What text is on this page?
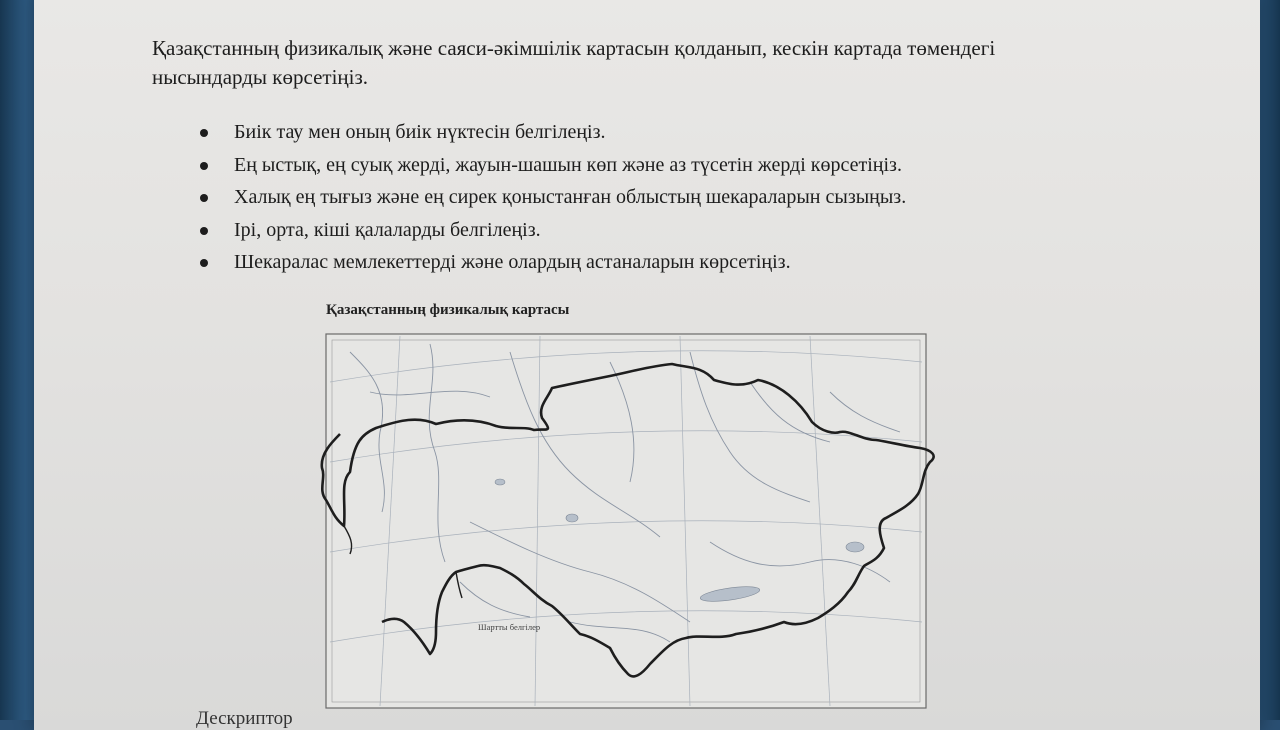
Қазақстанның физикалық және саяси-әкімшілік картасын қолданып, кескін картада төмендегі нысындарды көрсетіңіз.

Биік тау мен оның биік нүктесін белгілеңіз.
Ең ыстық, ең суық жерді, жауын-шашын көп және аз түсетін жерді көрсетіңіз.
Халық ең тығыз және ең сирек қоныстанған облыстың шекараларын сызыңыз.
Ірі, орта, кіші қалаларды белгілеңіз.
Шекаралас мемлекеттерді және олардың астаналарын көрсетіңіз.

Қазақстанның физикалық картасы

Шартты белгілер

Дескриптор
